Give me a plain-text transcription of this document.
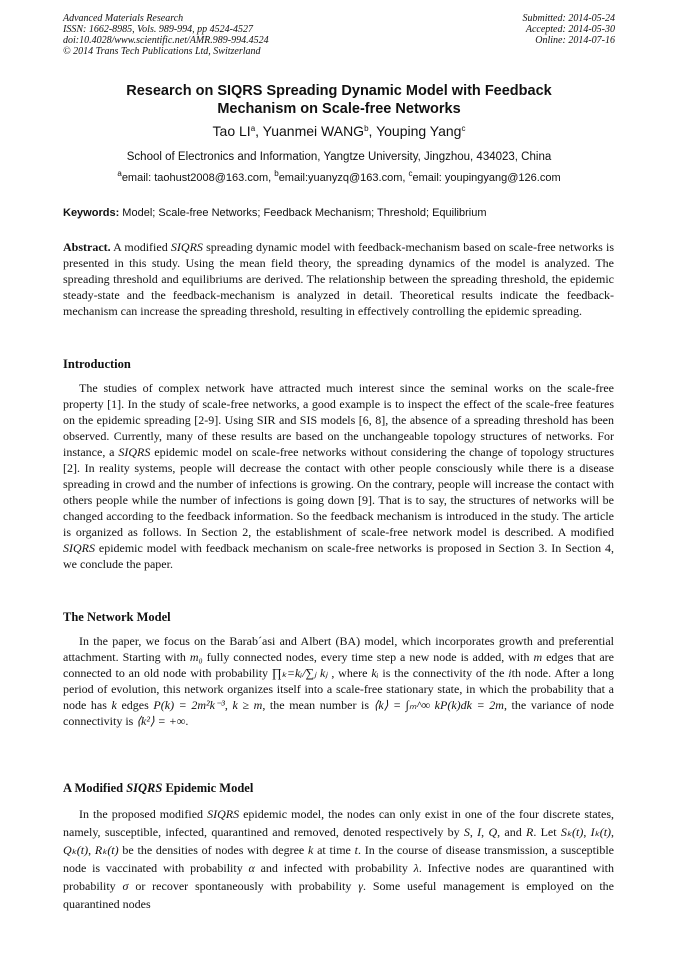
Advanced Materials Research
ISSN: 1662-8985, Vols. 989-994, pp 4524-4527
doi:10.4028/www.scientific.net/AMR.989-994.4524
© 2014 Trans Tech Publications Ltd, Switzerland
Submitted: 2014-05-24
Accepted: 2014-05-30
Online: 2014-07-16
Research on SIQRS Spreading Dynamic Model with Feedback
Mechanism on Scale-free Networks
Tao $LI^a$, Yuanmei WANG$^b$, Youping Yang$^c$
School of Electronics and Information, Yangtze University, Jingzhou, 434023, China
$^a$email: taohust2008@163.com, $^b$email:yuanyzq@163.com, $^c$email: youpingyang@126.com
Keywords: Model; Scale-free Networks; Feedback Mechanism; Threshold; Equilibrium

Abstract. A modified SIQRS spreading dynamic model with feedback-mechanism based on scale-free networks is presented in this study. Using the mean field theory, the spreading dynamics of the model is analyzed. The spreading threshold and equilibriums are derived. The relationship between the spreading threshold, the epidemic steady-state and the feedback-mechanism is analyzed in detail. Theoretical results indicate the feedback-mechanism can increase the spreading threshold, resulting in effectively controlling the epidemic spreading.

Introduction

The studies of complex network have attracted much interest since the seminal works on the scale-free property [1]. In the study of scale-free networks, a good example is to inspect the effect of the scale-free features on the epidemic spreading [2-9]. Using SIR and SIS models [6, 8], the absence of a spreading threshold has been observed. Currently, many of these results are based on the unchangeable topology structures of networks. For instance, a SIQRS epidemic model on scale-free networks without considering the change of topology structures [2]. In reality systems, people will decrease the contact with other people consciously while there is a disease spreading in crowd and the number of infections is growing. On the contrary, people will increase the contact with others people while the number of infections is going down [9]. That is to say, the structures of networks will be changed according to the feedback information. So the feedback mechanism is introduced in the study. The article is organized as follows. In Section 2, the establishment of scale-free network model is described. A modified SIQRS epidemic model with feedback mechanism on scale-free networks is proposed in Section 3. In Section 4, we conclude the paper.

The Network Model

In the paper, we focus on the Barab´asi and Albert (BA) model, which incorporates growth and preferential attachment. Starting with m₀ fully connected nodes, every time step a new node is added, with m edges that are connected to an old node with probability ∏ₖ=kᵢ/∑ⱼ kⱼ , where kᵢ is the connectivity of the ith node. After a long period of evolution, this network organizes itself into a scale-free stationary state, in which the probability that a node has k edges P(k) = 2m²k⁻³, k ≥ m, the mean number is ⟨k⟩ = ∫ₘ^∞ kP(k)dk = 2m, the variance of node connectivity is ⟨k²⟩ = +∞.

A Modified SIQRS Epidemic Model

In the proposed modified SIQRS epidemic model, the nodes can only exist in one of the four discrete states, namely, susceptible, infected, quarantined and removed, denoted respectively by S, I, Q, and R. Let Sₖ(t), Iₖ(t), Qₖ(t), Rₖ(t) be the densities of nodes with degree k at time t. In the course of disease transmission, a susceptible node is vaccinated with probability α and infected with probability λ. Infective nodes are quarantined with probability σ or recover spontaneously with probability γ. Some useful management is employed on the quarantined nodes
